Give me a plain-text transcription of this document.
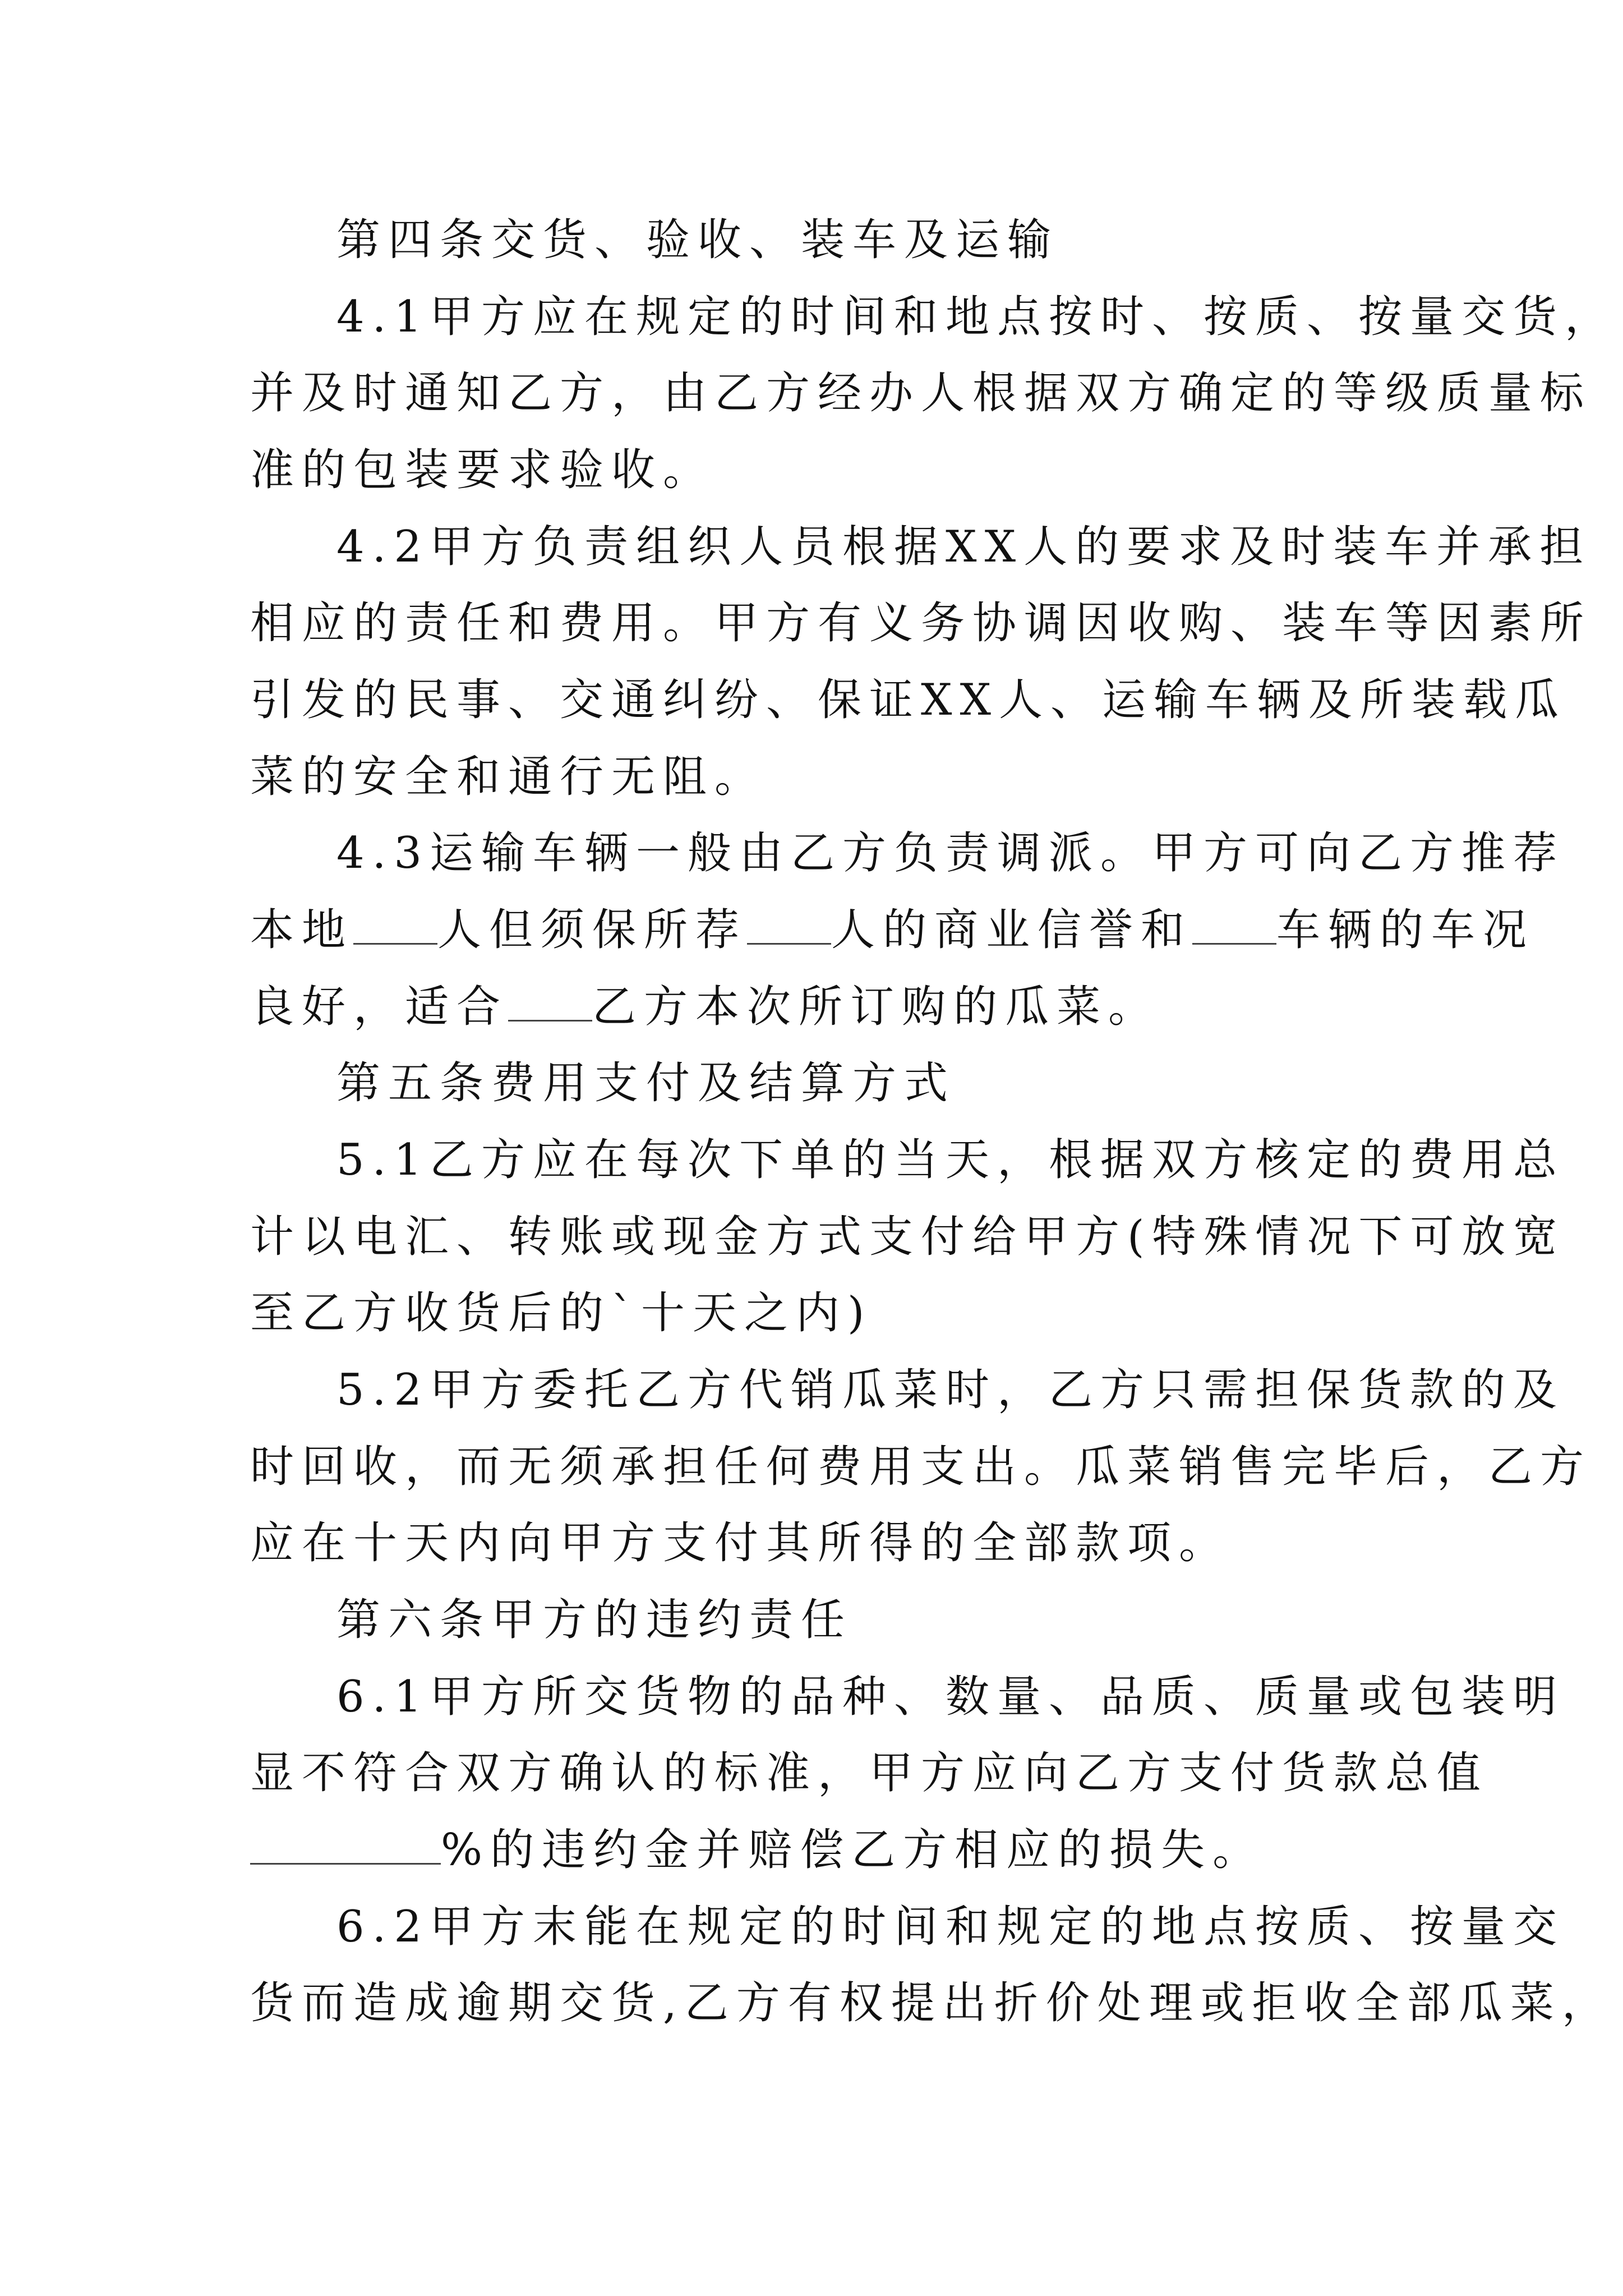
第四条交货、验收、装车及运输
4.1甲方应在规定的时间和地点按时、按质、按量交货，
并及时通知乙方，由乙方经办人根据双方确定的等级质量标
准的包装要求验收。
4.2甲方负责组织人员根据XX人的要求及时装车并承担
相应的责任和费用。甲方有义务协调因收购、装车等因素所
引发的民事、交通纠纷、保证XX人、运输车辆及所装载瓜
菜的安全和通行无阻。
4.3运输车辆一般由乙方负责调派。甲方可向乙方推荐
本地 人但须保所荐 人的商业信誉和 车辆的车况
良好，适合 乙方本次所订购的瓜菜。
第五条费用支付及结算方式
5.1乙方应在每次下单的当天，根据双方核定的费用总
计以电汇、转账或现金方式支付给甲方(特殊情况下可放宽
至乙方收货后的`十天之内)
5.2甲方委托乙方代销瓜菜时，乙方只需担保货款的及
时回收，而无须承担任何费用支出。瓜菜销售完毕后，乙方
应在十天内向甲方支付其所得的全部款项。
第六条甲方的违约责任
6.1甲方所交货物的品种、数量、品质、质量或包装明
显不符合双方确认的标准，甲方应向乙方支付货款总值
%的违约金并赔偿乙方相应的损失。
6.2甲方末能在规定的时间和规定的地点按质、按量交
货而造成逾期交货,乙方有权提出折价处理或拒收全部瓜菜，
